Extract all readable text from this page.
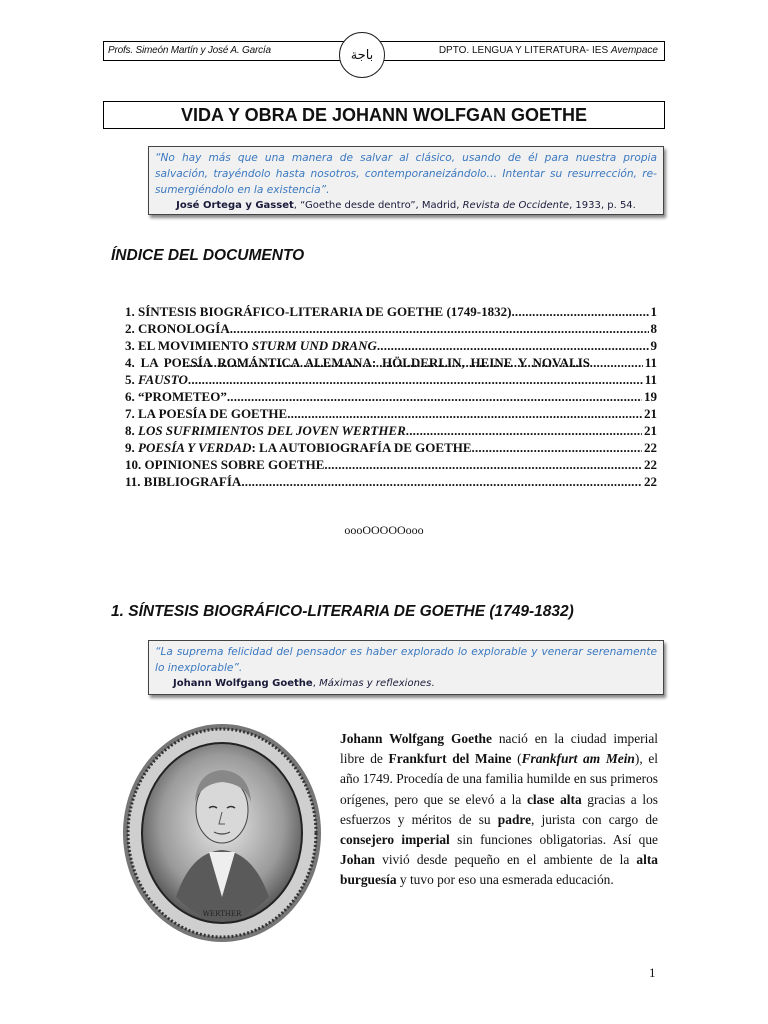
Profs. Simeón Martín y José A. García	DPTO. LENGUA Y LITERATURA- IES Avempace
باجة
VIDA Y OBRA DE JOHANN WOLFGAN GOETHE
“No hay más que una manera de salvar al clásico, usando de él para nuestra propia salvación, trayéndolo hasta nosotros, contemporaneizándolo… Intentar su resurrección, re-sumergiéndolo en la existencia”.
José Ortega y Gasset, “Goethe desde dentro”, Madrid, Revista de Occidente, 1933, p. 54.
ÍNDICE DEL DOCUMENTO
1. SÍNTESIS BIOGRÁFICO-LITERARIA DE GOETHE (1749-1832) .....	1
2. CRONOLOGÍA .....	8
3. EL MOVIMIENTO STURM UND DRANG .....	9
4. LA POESÍA ROMÁNTICA ALEMANA: HÖLDERLIN, HEINE Y NOVALIS .....	11
5. FAUSTO .....	11
6. “PROMETEO” .....	19
7. LA POESÍA DE GOETHE .....	21
8. LOS SUFRIMIENTOS DEL JOVEN WERTHER .....	21
9. POESÍA Y VERDAD: LA AUTOBIOGRAFÍA DE GOETHE .....	22
10. OPINIONES SOBRE GOETHE .....	22
11. BIBLIOGRAFÍA .....	22
oooOOOOOooo
1. SÍNTESIS BIOGRÁFICO-LITERARIA DE GOETHE (1749-1832)
“La suprema felicidad del pensador es haber explorado lo explorable y venerar serenamente lo inexplorable”.
Johann Wolfgang Goethe, Máximas y reflexiones.
WERTHER
Johann Wolfgang Goethe nació en la ciudad imperial libre de Frankfurt del Maine (Frankfurt am Mein), el año 1749. Procedía de una familia humilde en sus primeros orígenes, pero que se elevó a la clase alta gracias a los esfuerzos y méritos de su padre, jurista con cargo de consejero imperial sin funciones obligatorias. Así que Johan vivió desde pequeño en el ambiente de la alta burguesía y tuvo por eso una esmerada educación.
1
